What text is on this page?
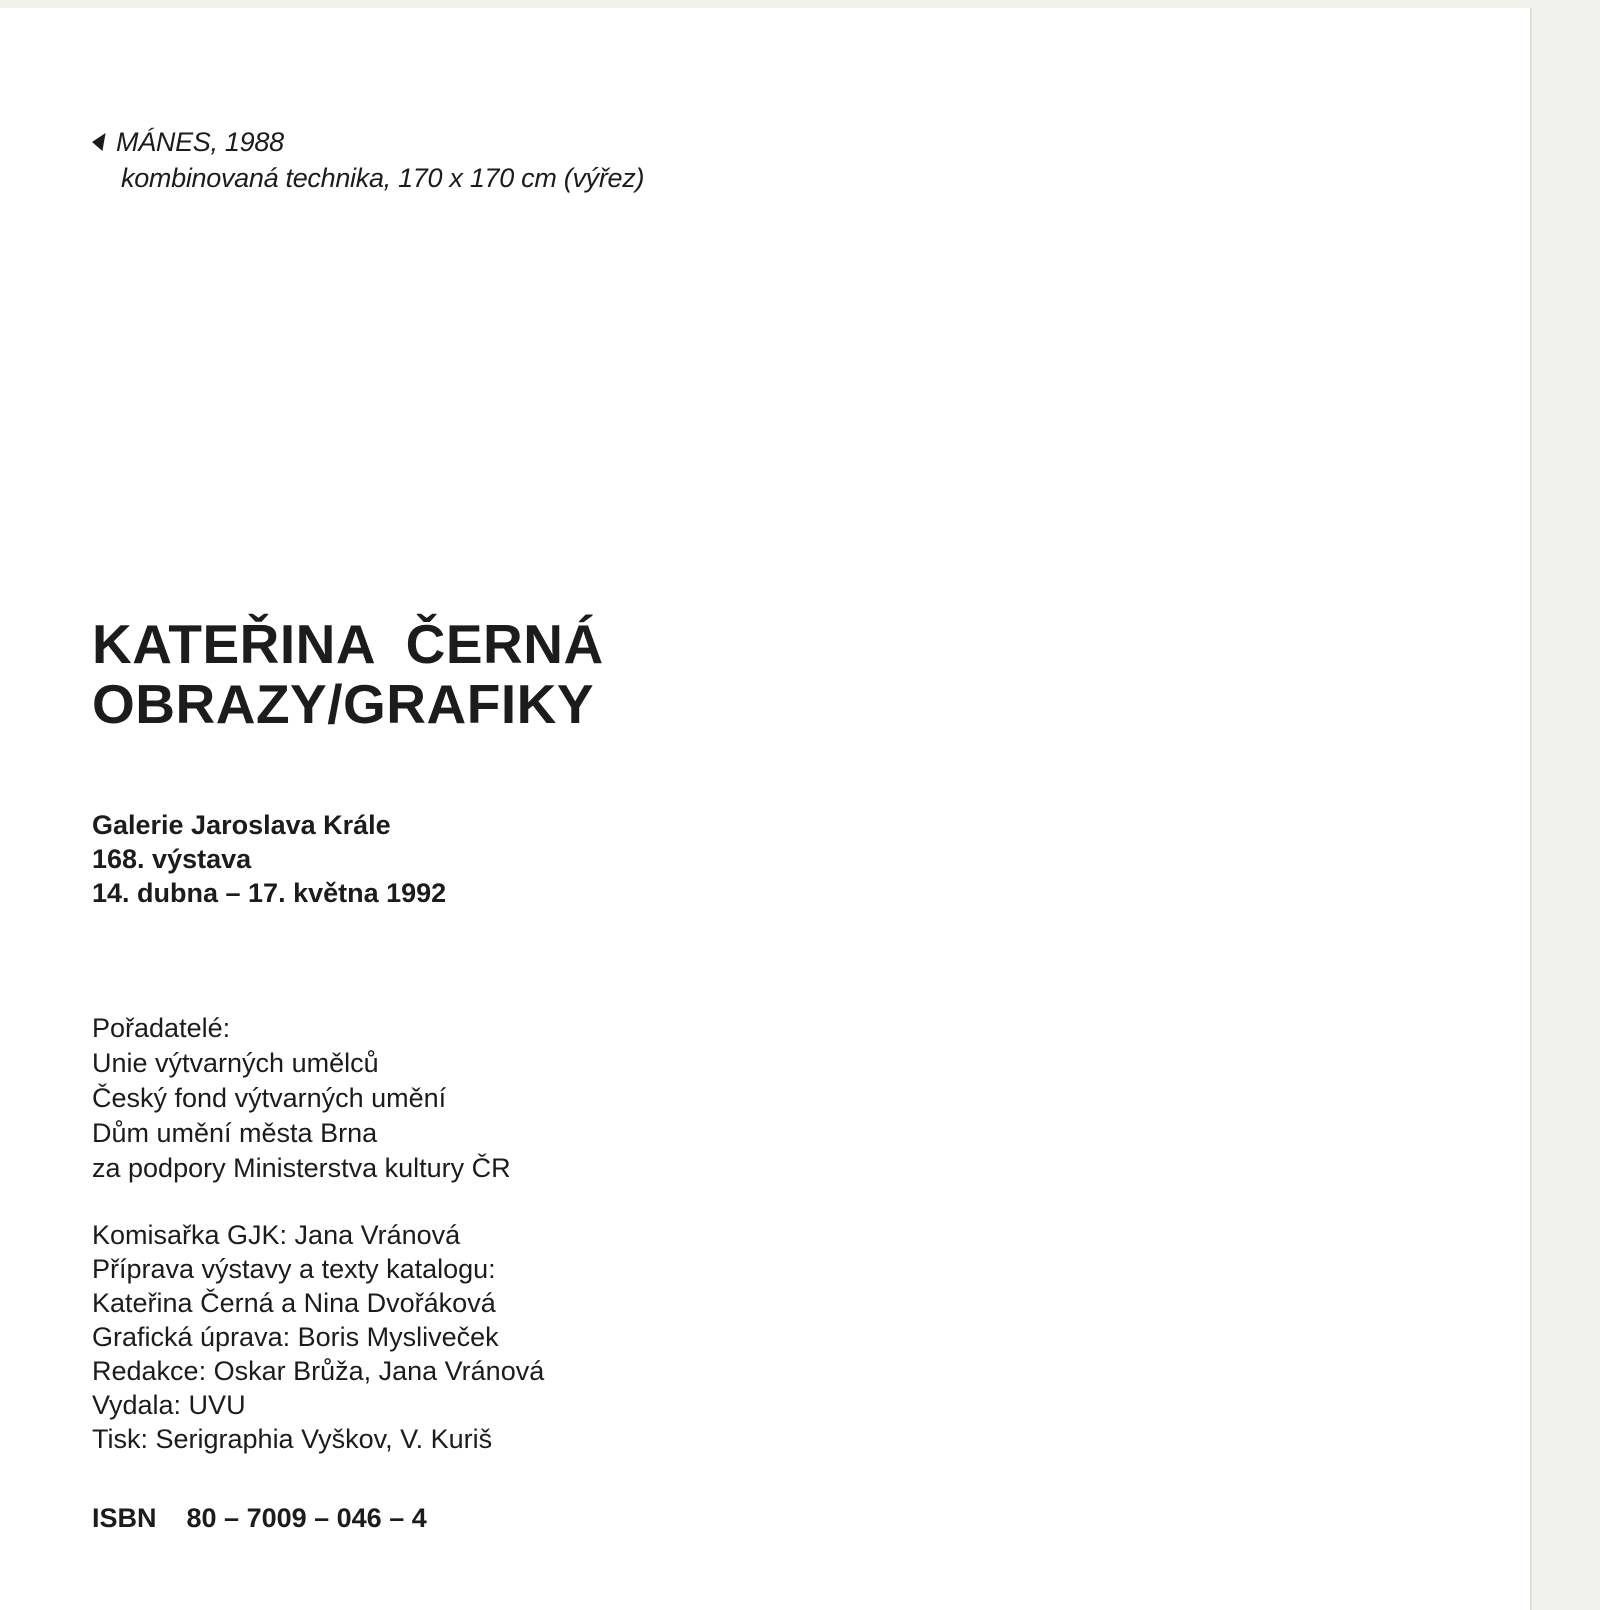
MÁNES, 1988
kombinovaná technika, 170 x 170 cm (výřez)
KATEŘINA  ČERNÁ
OBRAZY/GRAFIKY
Galerie Jaroslava Krále
168. výstava
14. dubna – 17. května 1992
Pořadatelé:
Unie výtvarných umělců
Český fond výtvarných umění
Dům umění města Brna
za podpory Ministerstva kultury ČR
Komisařka GJK: Jana Vránová
Příprava výstavy a texty katalogu:
Kateřina Černá a Nina Dvořáková
Grafická úprava: Boris Mysliveček
Redakce: Oskar Brůža, Jana Vránová
Vydala: UVU
Tisk: Serigraphia Vyškov, V. Kuriš
ISBN 80 – 7009 – 046 – 4
